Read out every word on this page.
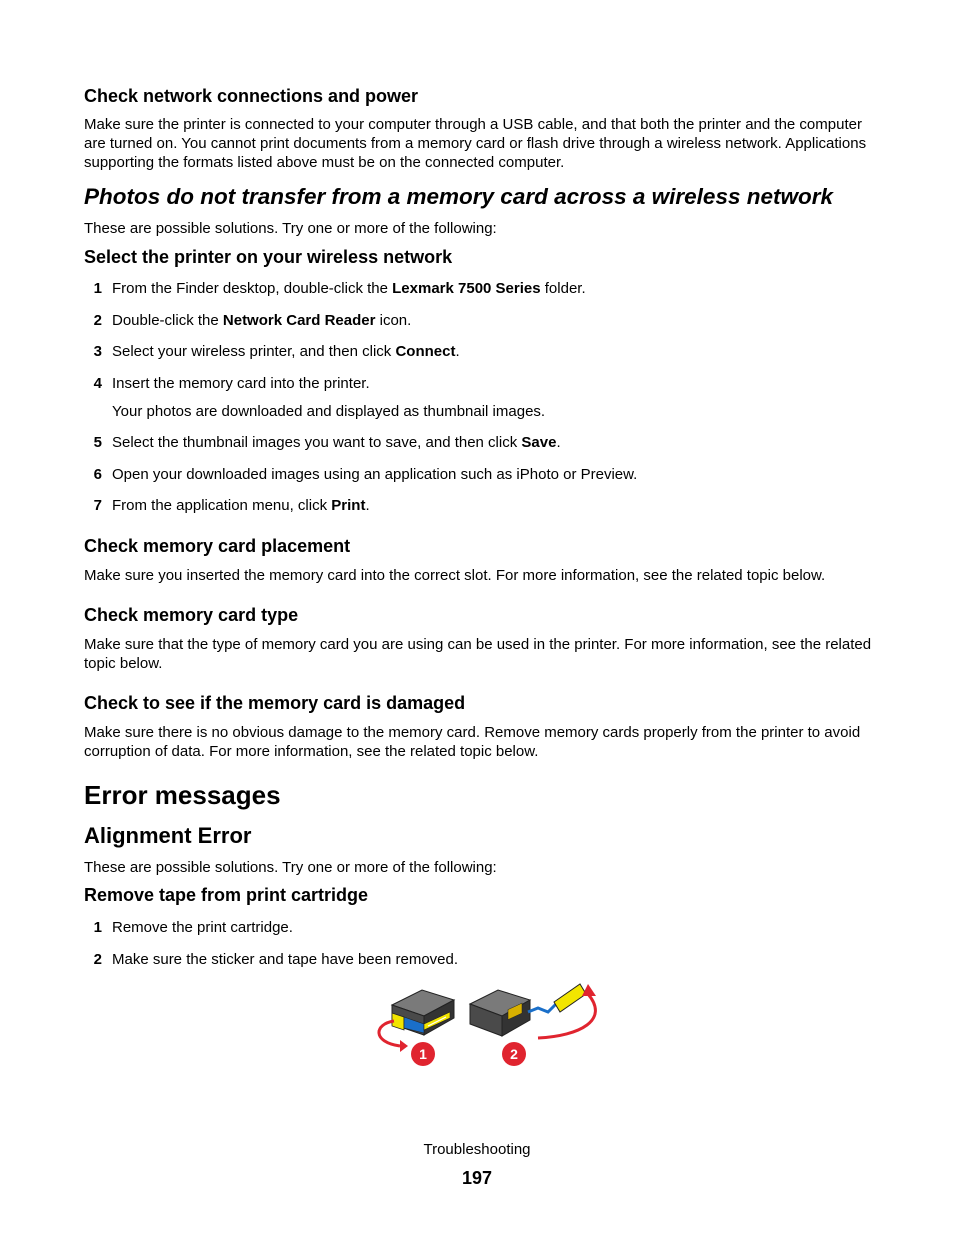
Check network connections and power

Make sure the printer is connected to your computer through a USB cable, and that both the printer and the computer are turned on. You cannot print documents from a memory card or flash drive through a wireless network. Applications supporting the formats listed above must be on the connected computer.

Photos do not transfer from a memory card across a wireless network

These are possible solutions. Try one or more of the following:

Select the printer on your wireless network
1 From the Finder desktop, double-click the Lexmark 7500 Series folder.
2 Double-click the Network Card Reader icon.
3 Select your wireless printer, and then click Connect.
4 Insert the memory card into the printer.
Your photos are downloaded and displayed as thumbnail images.
5 Select the thumbnail images you want to save, and then click Save.
6 Open your downloaded images using an application such as iPhoto or Preview.
7 From the application menu, click Print.
Check memory card placement

Make sure you inserted the memory card into the correct slot. For more information, see the related topic below.

Check memory card type

Make sure that the type of memory card you are using can be used in the printer. For more information, see the related topic below.

Check to see if the memory card is damaged

Make sure there is no obvious damage to the memory card. Remove memory cards properly from the printer to avoid corruption of data. For more information, see the related topic below.

Error messages
Alignment Error

These are possible solutions. Try one or more of the following:

Remove tape from print cartridge
1 Remove the print cartridge.
2 Make sure the sticker and tape have been removed.
1	2
Troubleshooting
197
